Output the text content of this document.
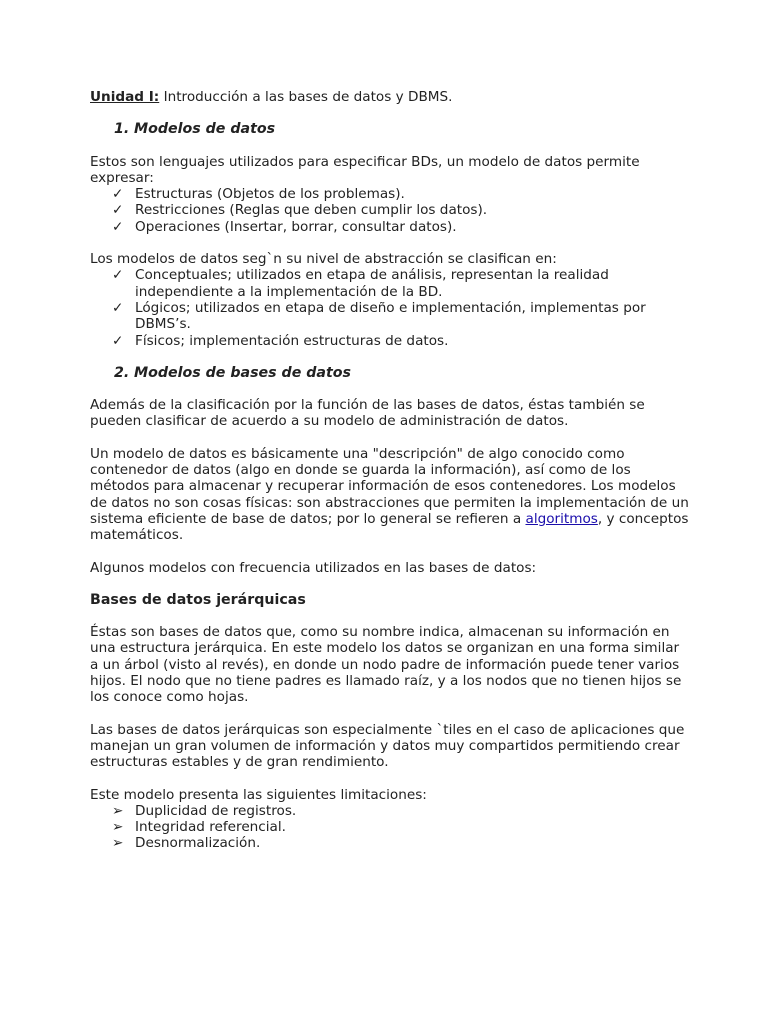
Unidad I: Introducción a las bases de datos y DBMS.

1. Modelos de datos

Estos son lenguajes utilizados para especificar BDs, un modelo de datos permite expresar:

✓ Estructuras (Objetos de los problemas).
✓ Restricciones (Reglas que deben cumplir los datos).
✓ Operaciones (Insertar, borrar, consultar datos).

Los modelos de datos segˋn su nivel de abstracción se clasifican en:

✓ Conceptuales; utilizados en etapa de análisis, representan la realidad independiente a la implementación de la BD.
✓ Lógicos; utilizados en etapa de diseño e implementación, implementas por DBMS’s.
✓ Físicos; implementación estructuras de datos.

2. Modelos de bases de datos

Además de la clasificación por la función de las bases de datos, éstas también se pueden clasificar de acuerdo a su modelo de administración de datos.

Un modelo de datos es básicamente una "descripción" de algo conocido como contenedor de datos (algo en donde se guarda la información), así como de los métodos para almacenar y recuperar información de esos contenedores. Los modelos de datos no son cosas físicas: son abstracciones que permiten la implementación de un sistema eficiente de base de datos; por lo general se refieren a algoritmos, y conceptos matemáticos.

Algunos modelos con frecuencia utilizados en las bases de datos:

Bases de datos jerárquicas

Éstas son bases de datos que, como su nombre indica, almacenan su información en una estructura jerárquica. En este modelo los datos se organizan en una forma similar a un árbol (visto al revés), en donde un nodo padre de información puede tener varios hijos. El nodo que no tiene padres es llamado raíz, y a los nodos que no tienen hijos se los conoce como hojas.

Las bases de datos jerárquicas son especialmente ˋtiles en el caso de aplicaciones que manejan un gran volumen de información y datos muy compartidos permitiendo crear estructuras estables y de gran rendimiento.

Este modelo presenta las siguientes limitaciones:

➢ Duplicidad de registros.
➢ Integridad referencial.
➢ Desnormalización.
